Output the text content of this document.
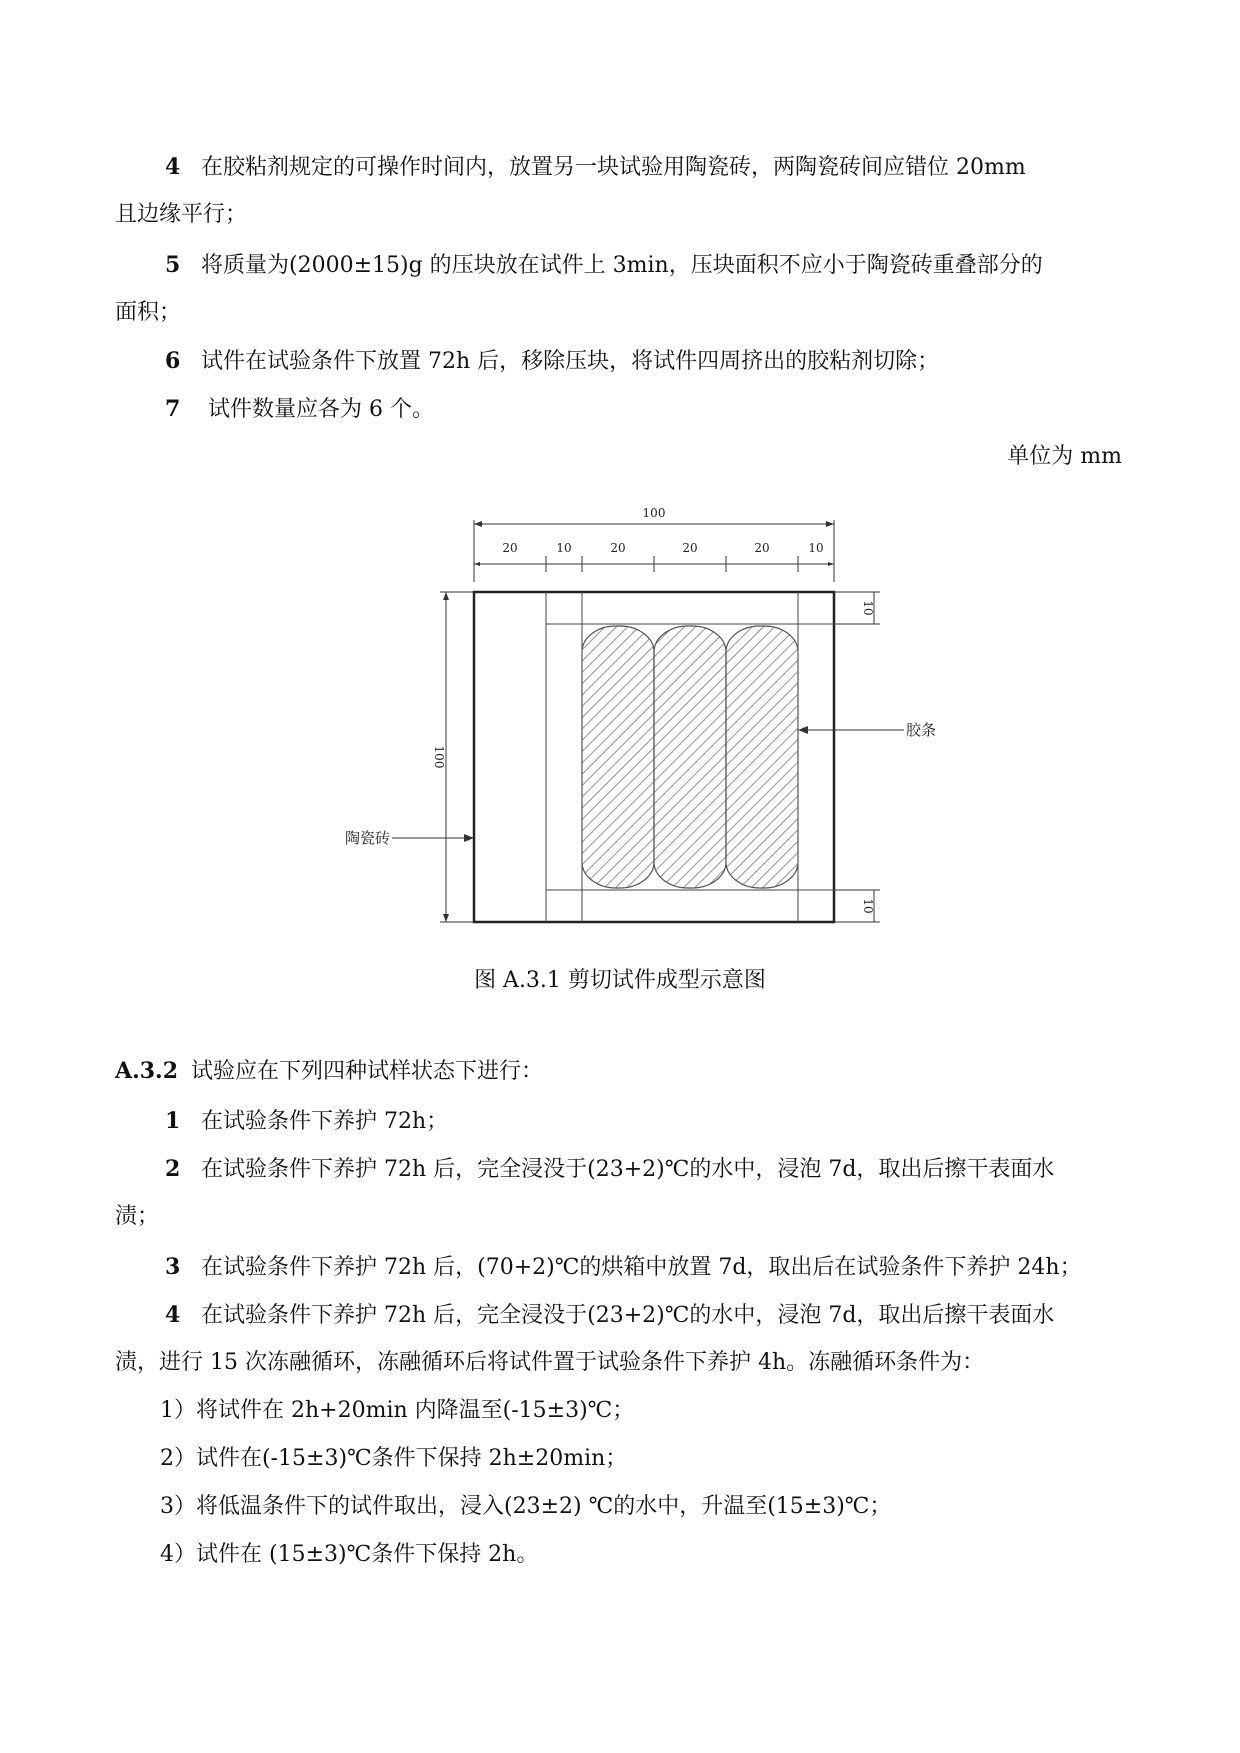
4 在胶粘剂规定的可操作时间内，放置另一块试验用陶瓷砖，两陶瓷砖间应错位 20mm
且边缘平行；
5 将质量为(2000±15)g 的压块放在试件上 3min，压块面积不应小于陶瓷砖重叠部分的
面积；
6 试件在试验条件下放置 72h 后，移除压块，将试件四周挤出的胶粘剂切除；
7 试件数量应各为 6 个。
单位为 mm
100
20	10	20	20	20	10
100
10
10
胶条
陶瓷砖
图 A.3.1 剪切试件成型示意图
A.3.2 试验应在下列四种试样状态下进行：
1 在试验条件下养护 72h；
2 在试验条件下养护 72h 后，完全浸没于(23+2)℃的水中，浸泡 7d，取出后擦干表面水
渍；
3 在试验条件下养护 72h 后，(70+2)℃的烘箱中放置 7d，取出后在试验条件下养护 24h；
4 在试验条件下养护 72h 后，完全浸没于(23+2)℃的水中，浸泡 7d，取出后擦干表面水
渍，进行 15 次冻融循环，冻融循环后将试件置于试验条件下养护 4h。冻融循环条件为：
1）将试件在 2h+20min 内降温至(-15±3)℃；
2）试件在(-15±3)℃条件下保持 2h±20min；
3）将低温条件下的试件取出，浸入(23±2) ℃的水中，升温至(15±3)℃；
4）试件在 (15±3)℃条件下保持 2h。
